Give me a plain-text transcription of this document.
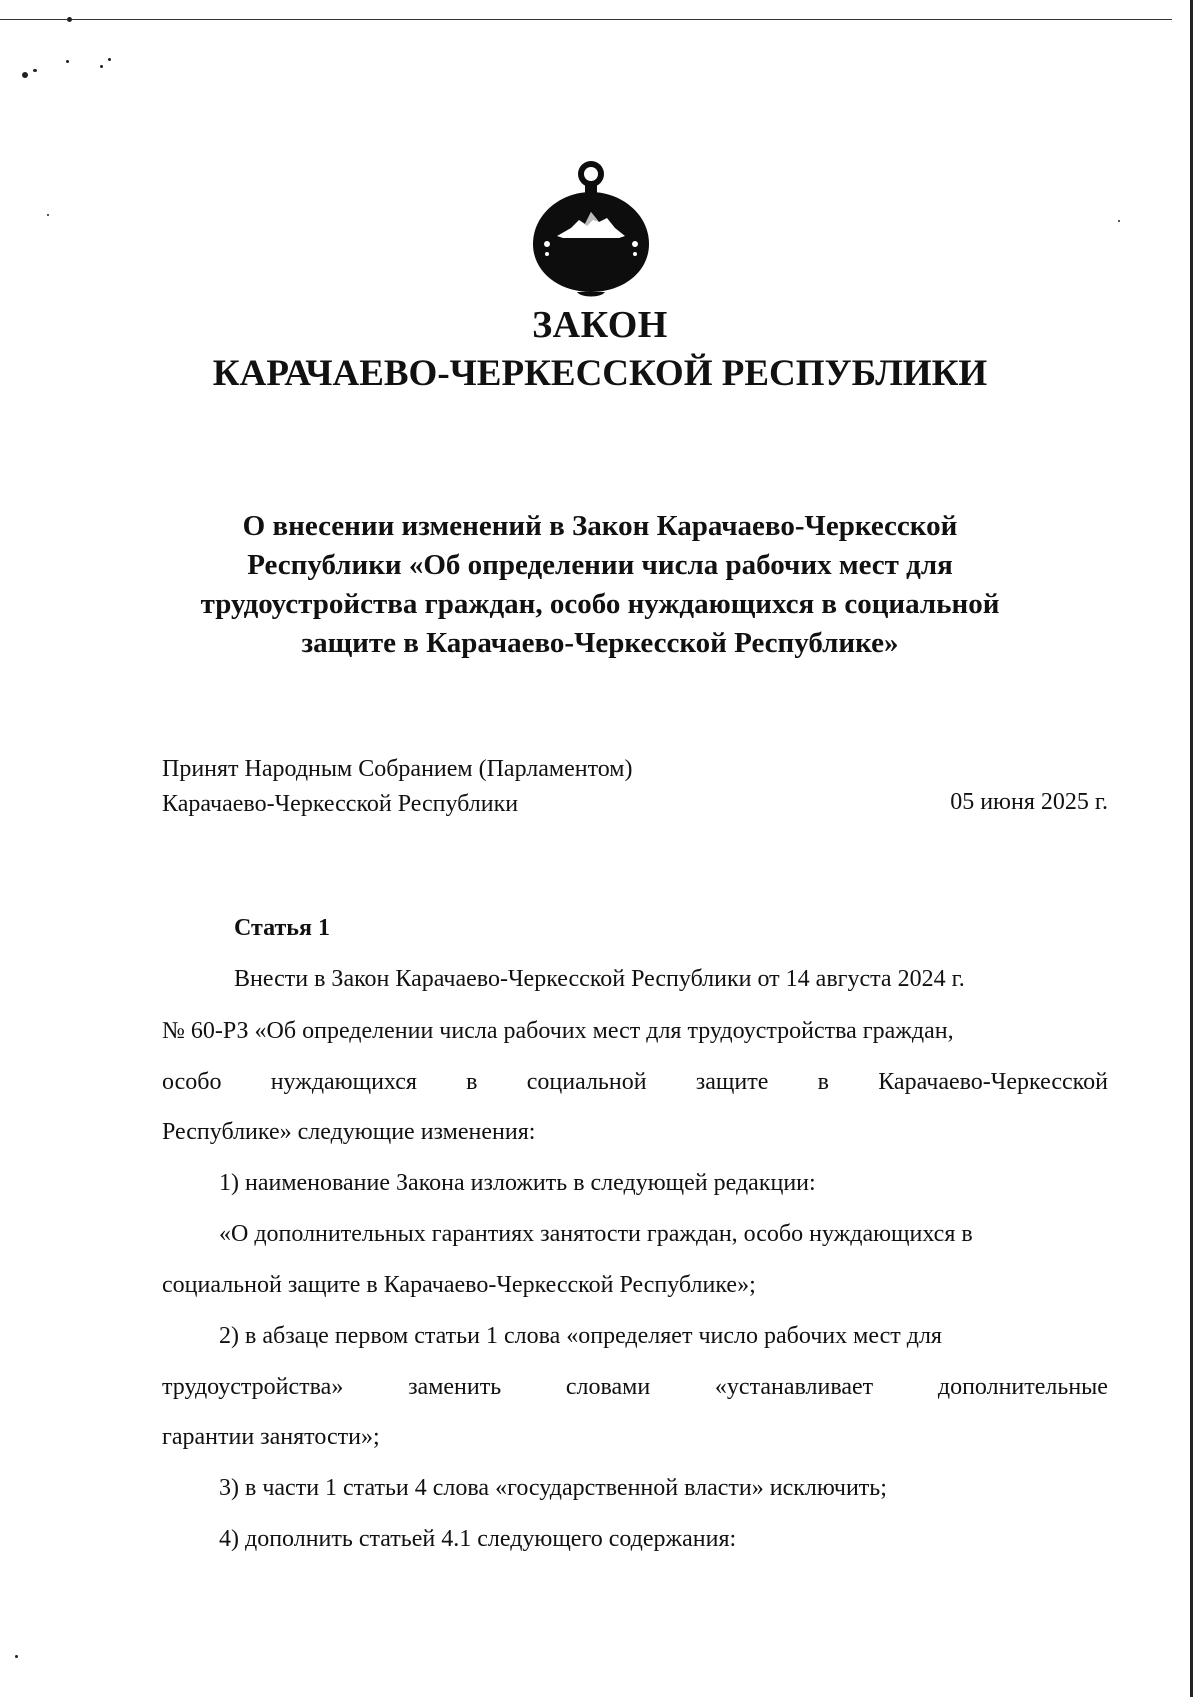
ЗАКОН
КАРАЧАЕВО-ЧЕРКЕССКОЙ РЕСПУБЛИКИ
О внесении изменений в Закон Карачаево-Черкесской
Республики «Об определении числа рабочих мест для
трудоустройства граждан, особо нуждающихся в социальной
защите в Карачаево-Черкесской Республике»
Принят Народным Собранием (Парламентом)
Карачаево-Черкесской Республики	05 июня 2025 г.
Статья 1
Внести в Закон Карачаево-Черкесской Республики от 14 августа 2024 г.
№ 60-РЗ «Об определении числа рабочих мест для трудоустройства граждан,
особо нуждающихся в социальной защите в Карачаево-Черкесской
Республике» следующие изменения:
1) наименование Закона изложить в следующей редакции:
«О дополнительных гарантиях занятости граждан, особо нуждающихся в
социальной защите в Карачаево-Черкесской Республике»;
2) в абзаце первом статьи 1 слова «определяет число рабочих мест для
трудоустройства»	заменить	словами	«устанавливает	дополнительные
гарантии занятости»;
3) в части 1 статьи 4 слова «государственной власти» исключить;
4) дополнить статьей 4.1 следующего содержания:
